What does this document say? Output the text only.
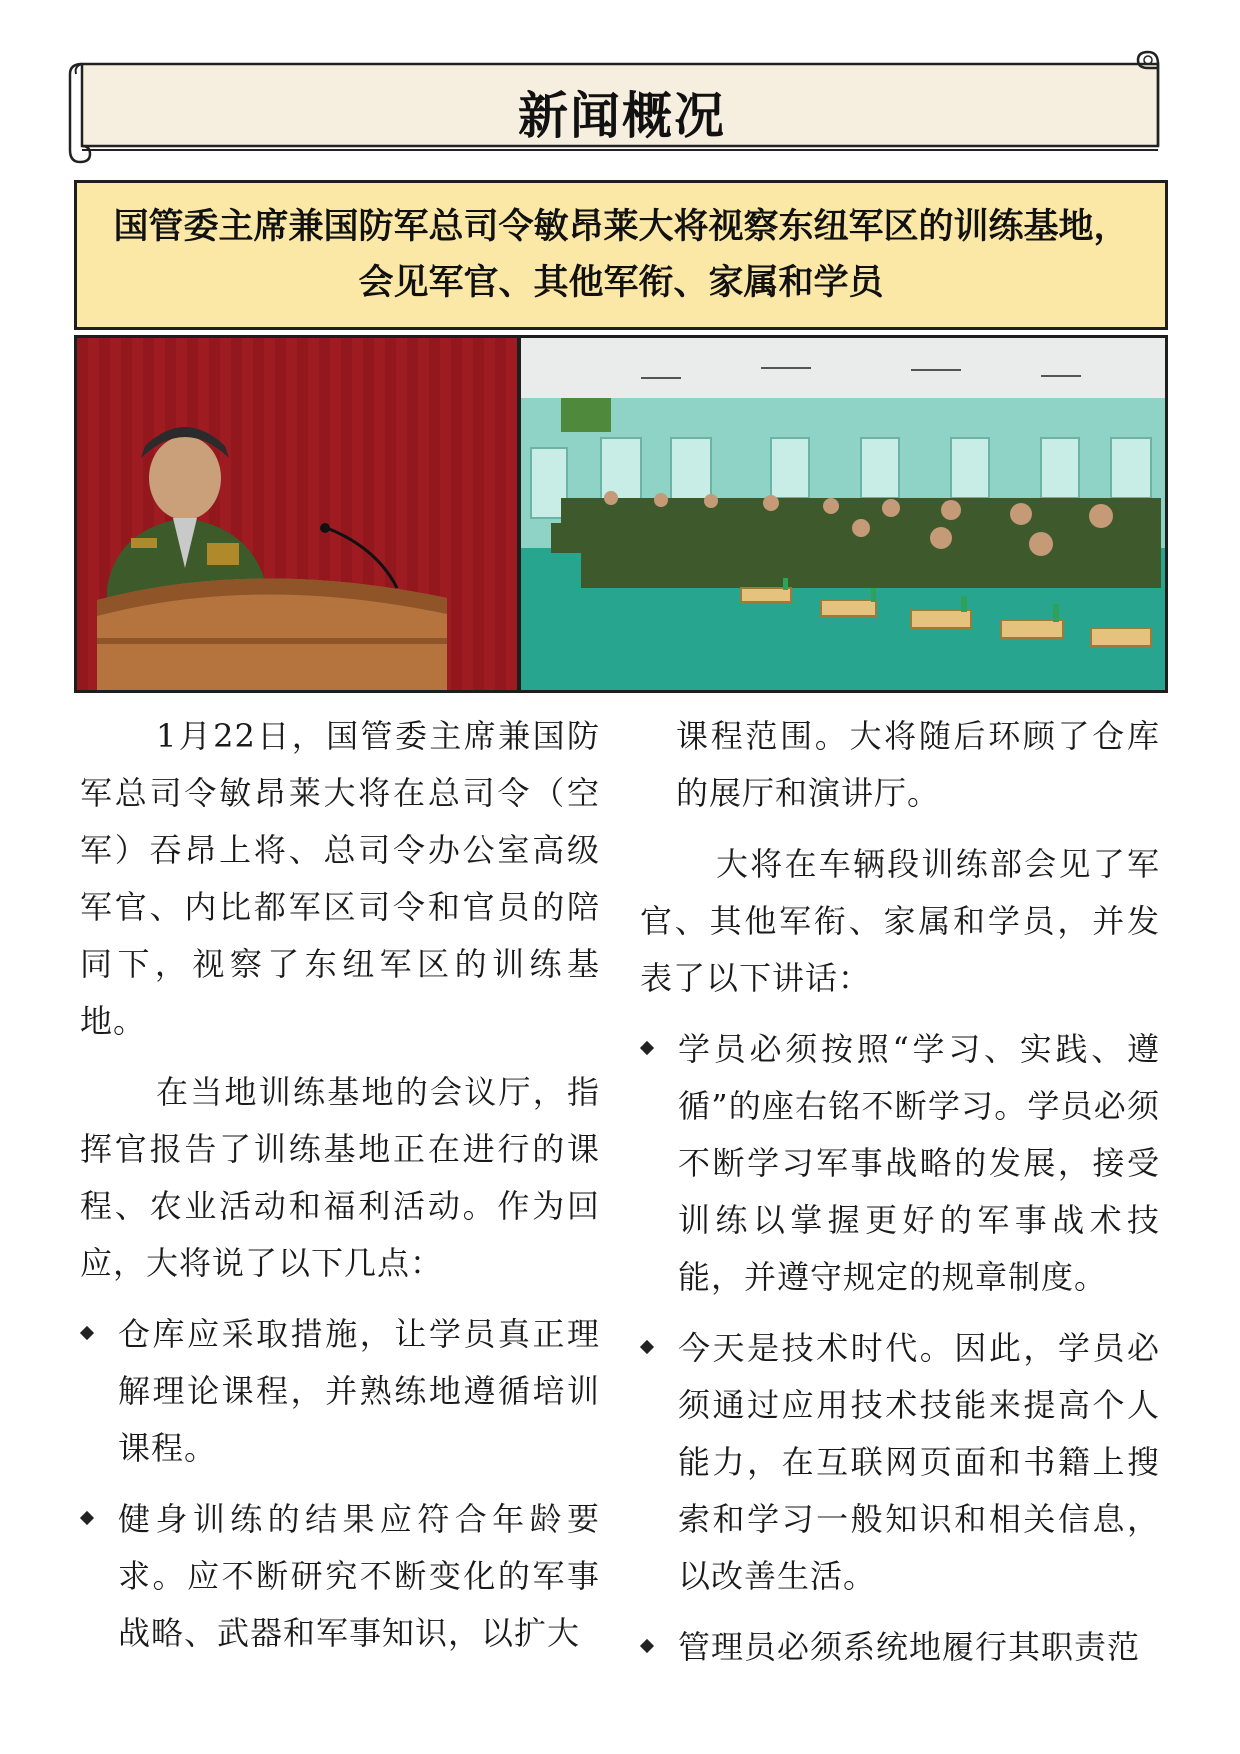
新闻概况
国管委主席兼国防军总司令敏昂莱大将视察东纽军区的训练基地，会见军官、其他军衔、家属和学员

1月22日，国管委主席兼国防军总司令敏昂莱大将在总司令（空军）吞昂上将、总司令办公室高级军官、内比都军区司令和官员的陪同下，视察了东纽军区的训练基地。

在当地训练基地的会议厅，指挥官报告了训练基地正在进行的课程、农业活动和福利活动。作为回应，大将说了以下几点：

仓库应采取措施，让学员真正理解理论课程，并熟练地遵循培训课程。
健身训练的结果应符合年龄要求。应不断研究不断变化的军事战略、武器和军事知识，以扩大

课程范围。大将随后环顾了仓库的展厅和演讲厅。

大将在车辆段训练部会见了军官、其他军衔、家属和学员，并发表了以下讲话：

学员必须按照“学习、实践、遵循”的座右铭不断学习。学员必须不断学习军事战略的发展，接受训练以掌握更好的军事战术技能，并遵守规定的规章制度。
今天是技术时代。因此，学员必须通过应用技术技能来提高个人能力，在互联网页面和书籍上搜索和学习一般知识和相关信息，以改善生活。
管理员必须系统地履行其职责范
